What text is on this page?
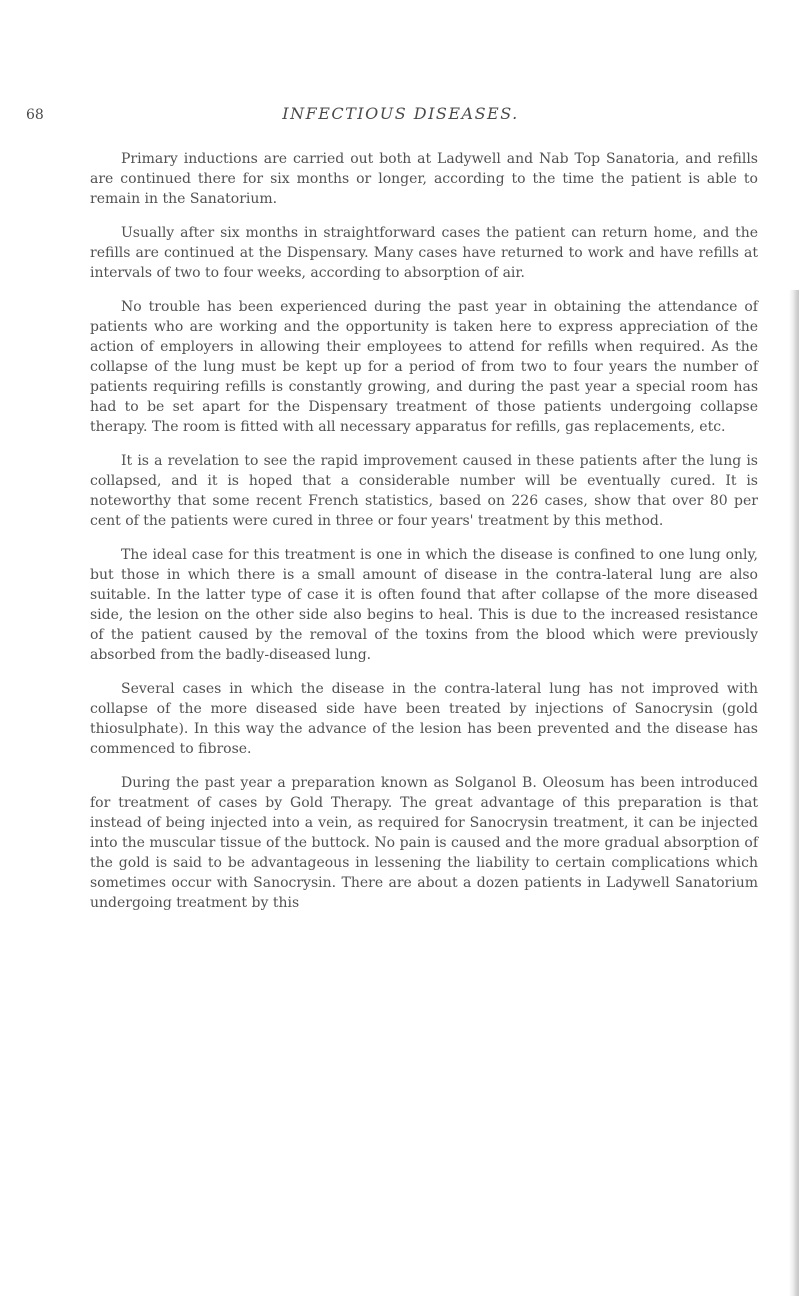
68	INFECTIOUS DISEASES.

Primary inductions are carried out both at Ladywell and Nab Top Sanatoria, and refills are continued there for six months or longer, according to the time the patient is able to remain in the Sanatorium.

Usually after six months in straightforward cases the patient can return home, and the refills are continued at the Dispensary. Many cases have returned to work and have refills at intervals of two to four weeks, according to absorption of air.

No trouble has been experienced during the past year in obtaining the attendance of patients who are working and the opportunity is taken here to express appreciation of the action of employers in allowing their employees to attend for refills when required. As the collapse of the lung must be kept up for a period of from two to four years the number of patients requiring refills is constantly growing, and during the past year a special room has had to be set apart for the Dispensary treatment of those patients undergoing collapse therapy. The room is fitted with all necessary apparatus for refills, gas replacements, etc.

It is a revelation to see the rapid improvement caused in these patients after the lung is collapsed, and it is hoped that a considerable number will be eventually cured. It is noteworthy that some recent French statistics, based on 226 cases, show that over 80 per cent of the patients were cured in three or four years' treatment by this method.

The ideal case for this treatment is one in which the disease is confined to one lung only, but those in which there is a small amount of disease in the contra-lateral lung are also suitable. In the latter type of case it is often found that after collapse of the more diseased side, the lesion on the other side also begins to heal. This is due to the increased resistance of the patient caused by the removal of the toxins from the blood which were previously absorbed from the badly-diseased lung.

Several cases in which the disease in the contra-lateral lung has not improved with collapse of the more diseased side have been treated by injections of Sanocrysin (gold thiosulphate). In this way the advance of the lesion has been prevented and the disease has commenced to fibrose.

During the past year a preparation known as Solganol B. Oleosum has been introduced for treatment of cases by Gold Therapy. The great advantage of this preparation is that instead of being injected into a vein, as required for Sanocrysin treatment, it can be injected into the muscular tissue of the buttock. No pain is caused and the more gradual absorption of the gold is said to be advantageous in lessening the liability to certain complications which sometimes occur with Sanocrysin. There are about a dozen patients in Ladywell Sanatorium undergoing treatment by this
